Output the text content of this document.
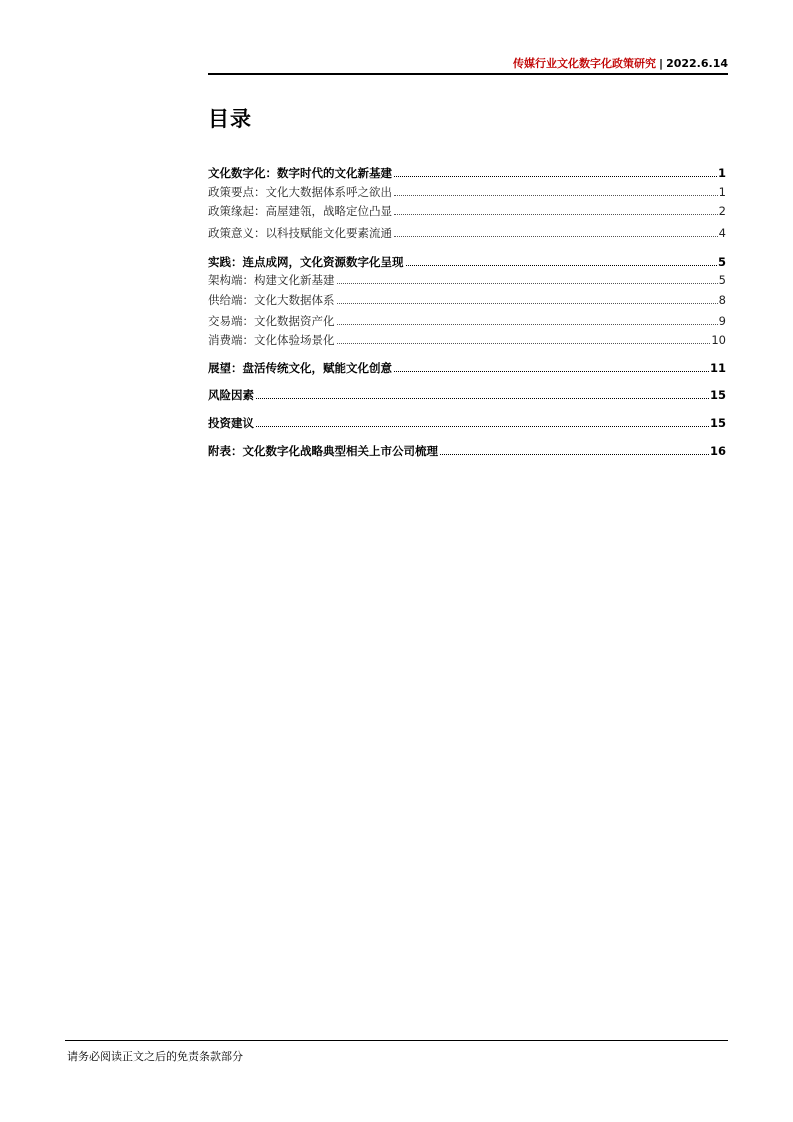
传媒行业文化数字化政策研究 | 2022.6.14
目录
文化数字化：数字时代的文化新基建	1
政策要点：文化大数据体系呼之欲出	1
政策缘起：高屋建瓴，战略定位凸显	2
政策意义：以科技赋能文化要素流通	4
实践：连点成网，文化资源数字化呈现	5
架构端：构建文化新基建	5
供给端：文化大数据体系	8
交易端：文化数据资产化	9
消费端：文化体验场景化	10
展望：盘活传统文化，赋能文化创意	11
风险因素	15
投资建议	15
附表：文化数字化战略典型相关上市公司梳理	16
请务必阅读正文之后的免责条款部分
